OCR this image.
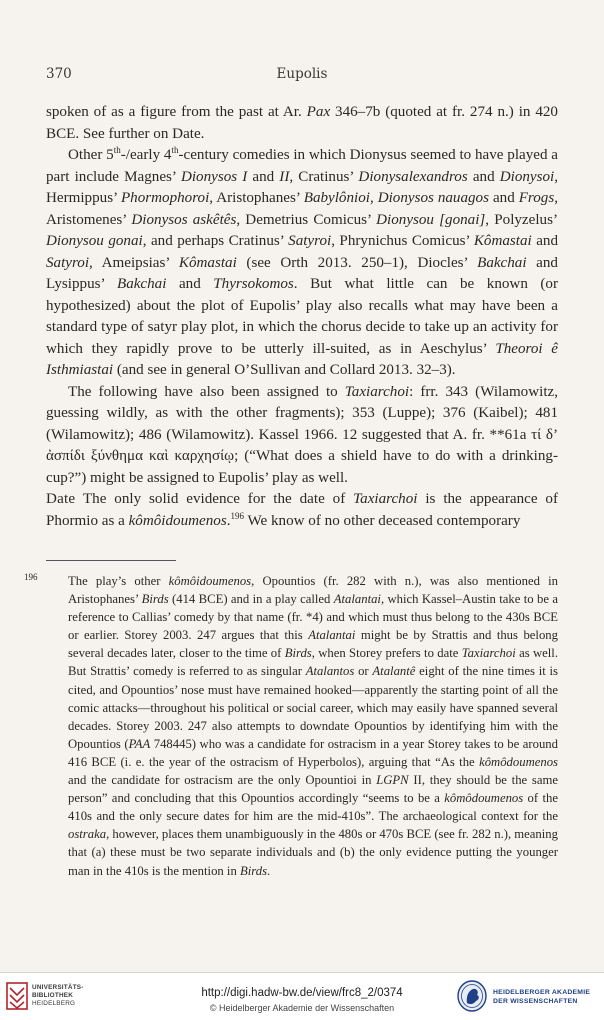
370	Eupolis

spoken of as a figure from the past at Ar. Pax 346–7b (quoted at fr. 274 n.) in 420 BCE. See further on Date.

Other 5th-/early 4th-century comedies in which Dionysus seemed to have played a part include Magnes’ Dionysos I and II, Cratinus’ Dionysalexandros and Dionysoi, Hermippus’ Phormophoroi, Aristophanes’ Babylônioi, Dionysos nauagos and Frogs, Aristomenes’ Dionysos askêtês, Demetrius Comicus’ Dionysou [gonai], Polyzelus’ Dionysou gonai, and perhaps Cratinus’ Satyroi, Phrynichus Comicus’ Kômastai and Satyroi, Ameipsias’ Kômastai (see Orth 2013. 250–1), Diocles’ Bakchai and Lysippus’ Bakchai and Thyrsokomos. But what little can be known (or hypothesized) about the plot of Eupolis’ play also recalls what may have been a standard type of satyr play plot, in which the chorus decide to take up an activity for which they rapidly prove to be utterly ill-suited, as in Aeschylus’ Theoroi ê Isthmiastai (and see in general O’Sullivan and Collard 2013. 32–3).

The following have also been assigned to Taxiarchoi: frr. 343 (Wilamowitz, guessing wildly, as with the other fragments); 353 (Luppe); 376 (Kaibel); 481 (Wilamowitz); 486 (Wilamowitz). Kassel 1966. 12 suggested that A. fr. **61a τί δ’ ἀσπίδι ξύνθημα καὶ καρχησίῳ; (“What does a shield have to do with a drinking-cup?”) might be assigned to Eupolis’ play as well.

Date The only solid evidence for the date of Taxiarchoi is the appearance of Phormio as a kômôidoumenos.$^{196}$ We know of no other deceased contemporary

$^{196}$ The play’s other kômôidoumenos, Opountios (fr. 282 with n.), was also mentioned in Aristophanes’ Birds (414 BCE) and in a play called Atalantai, which Kassel–Austin take to be a reference to Callias’ comedy by that name (fr. *4) and which must thus belong to the 430s BCE or earlier. Storey 2003. 247 argues that this Atalantai might be by Strattis and thus belong several decades later, closer to the time of Birds, when Storey prefers to date Taxiarchoi as well. But Strattis’ comedy is referred to as singular Atalantos or Atalantê eight of the nine times it is cited, and Opountios’ nose must have remained hooked—apparently the starting point of all the comic attacks—throughout his political or social career, which may easily have spanned several decades. Storey 2003. 247 also attempts to downdate Opountios by identifying him with the Opountios (PAA 748445) who was a candidate for ostracism in a year Storey takes to be around 416 BCE (i. e. the year of the ostracism of Hyperbolos), arguing that “As the kômôdoumenos and the candidate for ostracism are the only Opountioi in LGPN II, they should be the same person” and concluding that this Opountios accordingly “seems to be a kômôdoumenos of the 410s and the only secure dates for him are the mid-410s”. The archaeological context for the ostraka, however, places them unambiguously in the 480s or 470s BCE (see fr. 282 n.), meaning that (a) these must be two separate individuals and (b) the only evidence putting the younger man in the 410s is the mention in Birds.

UNIVERSITÄTS-
BIBLIOTHEK
HEIDELBERG
http://digi.hadw-bw.de/view/frc8_2/0374
© Heidelberger Akademie der Wissenschaften
HEIDELBERGER AKADEMIE
DER WISSENSCHAFTEN
